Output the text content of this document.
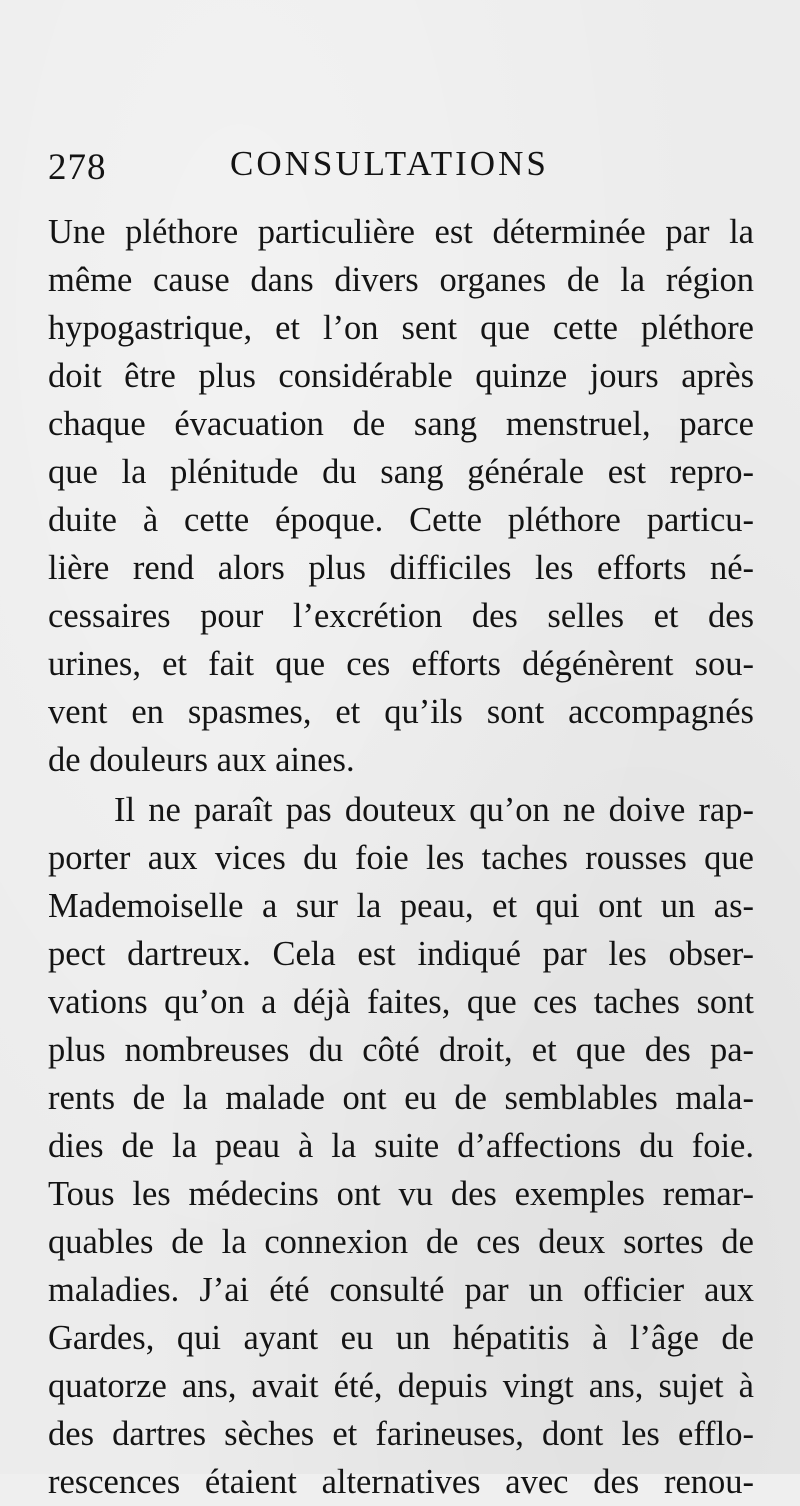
278	CONSULTATIONS
Une pléthore particulière est déterminée par la
même cause dans divers organes de la région
hypogastrique, et l’on sent que cette pléthore
doit être plus considérable quinze jours après
chaque évacuation de sang menstruel, parce
que la plénitude du sang générale est repro-
duite à cette époque. Cette pléthore particu-
lière rend alors plus difficiles les efforts né-
cessaires pour l’excrétion des selles et des
urines, et fait que ces efforts dégénèrent sou-
vent en spasmes, et qu’ils sont accompagnés
de douleurs aux aines.
Il ne paraît pas douteux qu’on ne doive rap-
porter aux vices du foie les taches rousses que
Mademoiselle a sur la peau, et qui ont un as-
pect dartreux. Cela est indiqué par les obser-
vations qu’on a déjà faites, que ces taches sont
plus nombreuses du côté droit, et que des pa-
rents de la malade ont eu de semblables mala-
dies de la peau à la suite d’affections du foie.
Tous les médecins ont vu des exemples remar-
quables de la connexion de ces deux sortes de
maladies. J’ai été consulté par un officier aux
Gardes, qui ayant eu un hépatitis à l’âge de
quatorze ans, avait été, depuis vingt ans, sujet à
des dartres sèches et farineuses, dont les efflo-
rescences étaient alternatives avec des renou-
